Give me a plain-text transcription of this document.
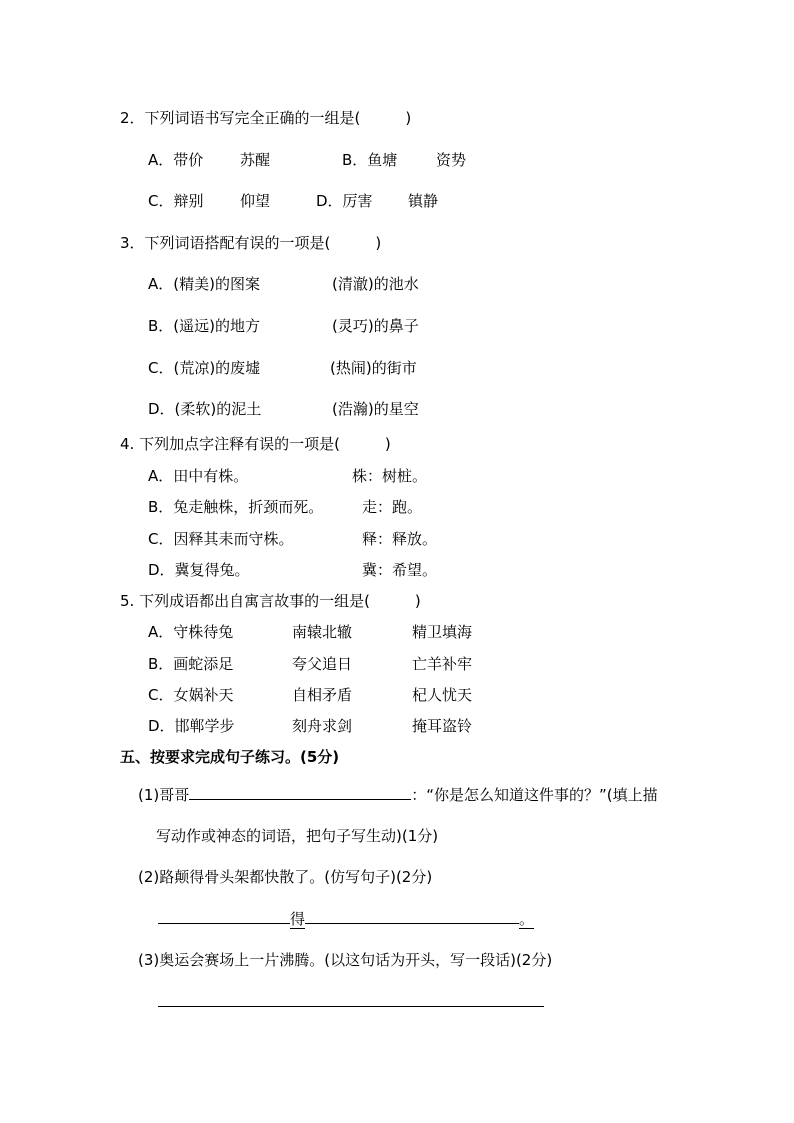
2．下列词语书写完全正确的一组是(　　　)
A．带价 苏醒	B．鱼塘	资势
C．辩别 仰望	D．厉害 镇静
3．下列词语搭配有误的一项是(　　　)
A．(精美)的图案	(清澈)的池水
B．(遥远)的地方	(灵巧)的鼻子
C．(荒凉)的废墟	(热闹)的街市
D．(柔软)的泥土	(浩瀚)的星空
4. 下列加点字注释有误的一项是(　　　)
A．田中有株。	株：树桩。
B．兔走触株，折颈而死。	走：跑。
C．因释其耒而守株。	释：释放。
D．冀复得兔。	冀：希望。
5. 下列成语都出自寓言故事的一组是(　　　)
A．守株待兔	南辕北辙	精卫填海
B．画蛇添足	夸父追日	亡羊补牢
C．女娲补天	自相矛盾	杞人忧天
D．邯郸学步	刻舟求剑	掩耳盗铃
五、按要求完成句子练习。(5分)
(1)哥哥	：“你是怎么知道这件事的？”(填上描
写动作或神态的词语，把句子写生动)(1分)
(2)路颠得骨头架都快散了。(仿写句子)(2分)
得	。
(3)奥运会赛场上一片沸腾。(以这句话为开头，写一段话)(2分)
